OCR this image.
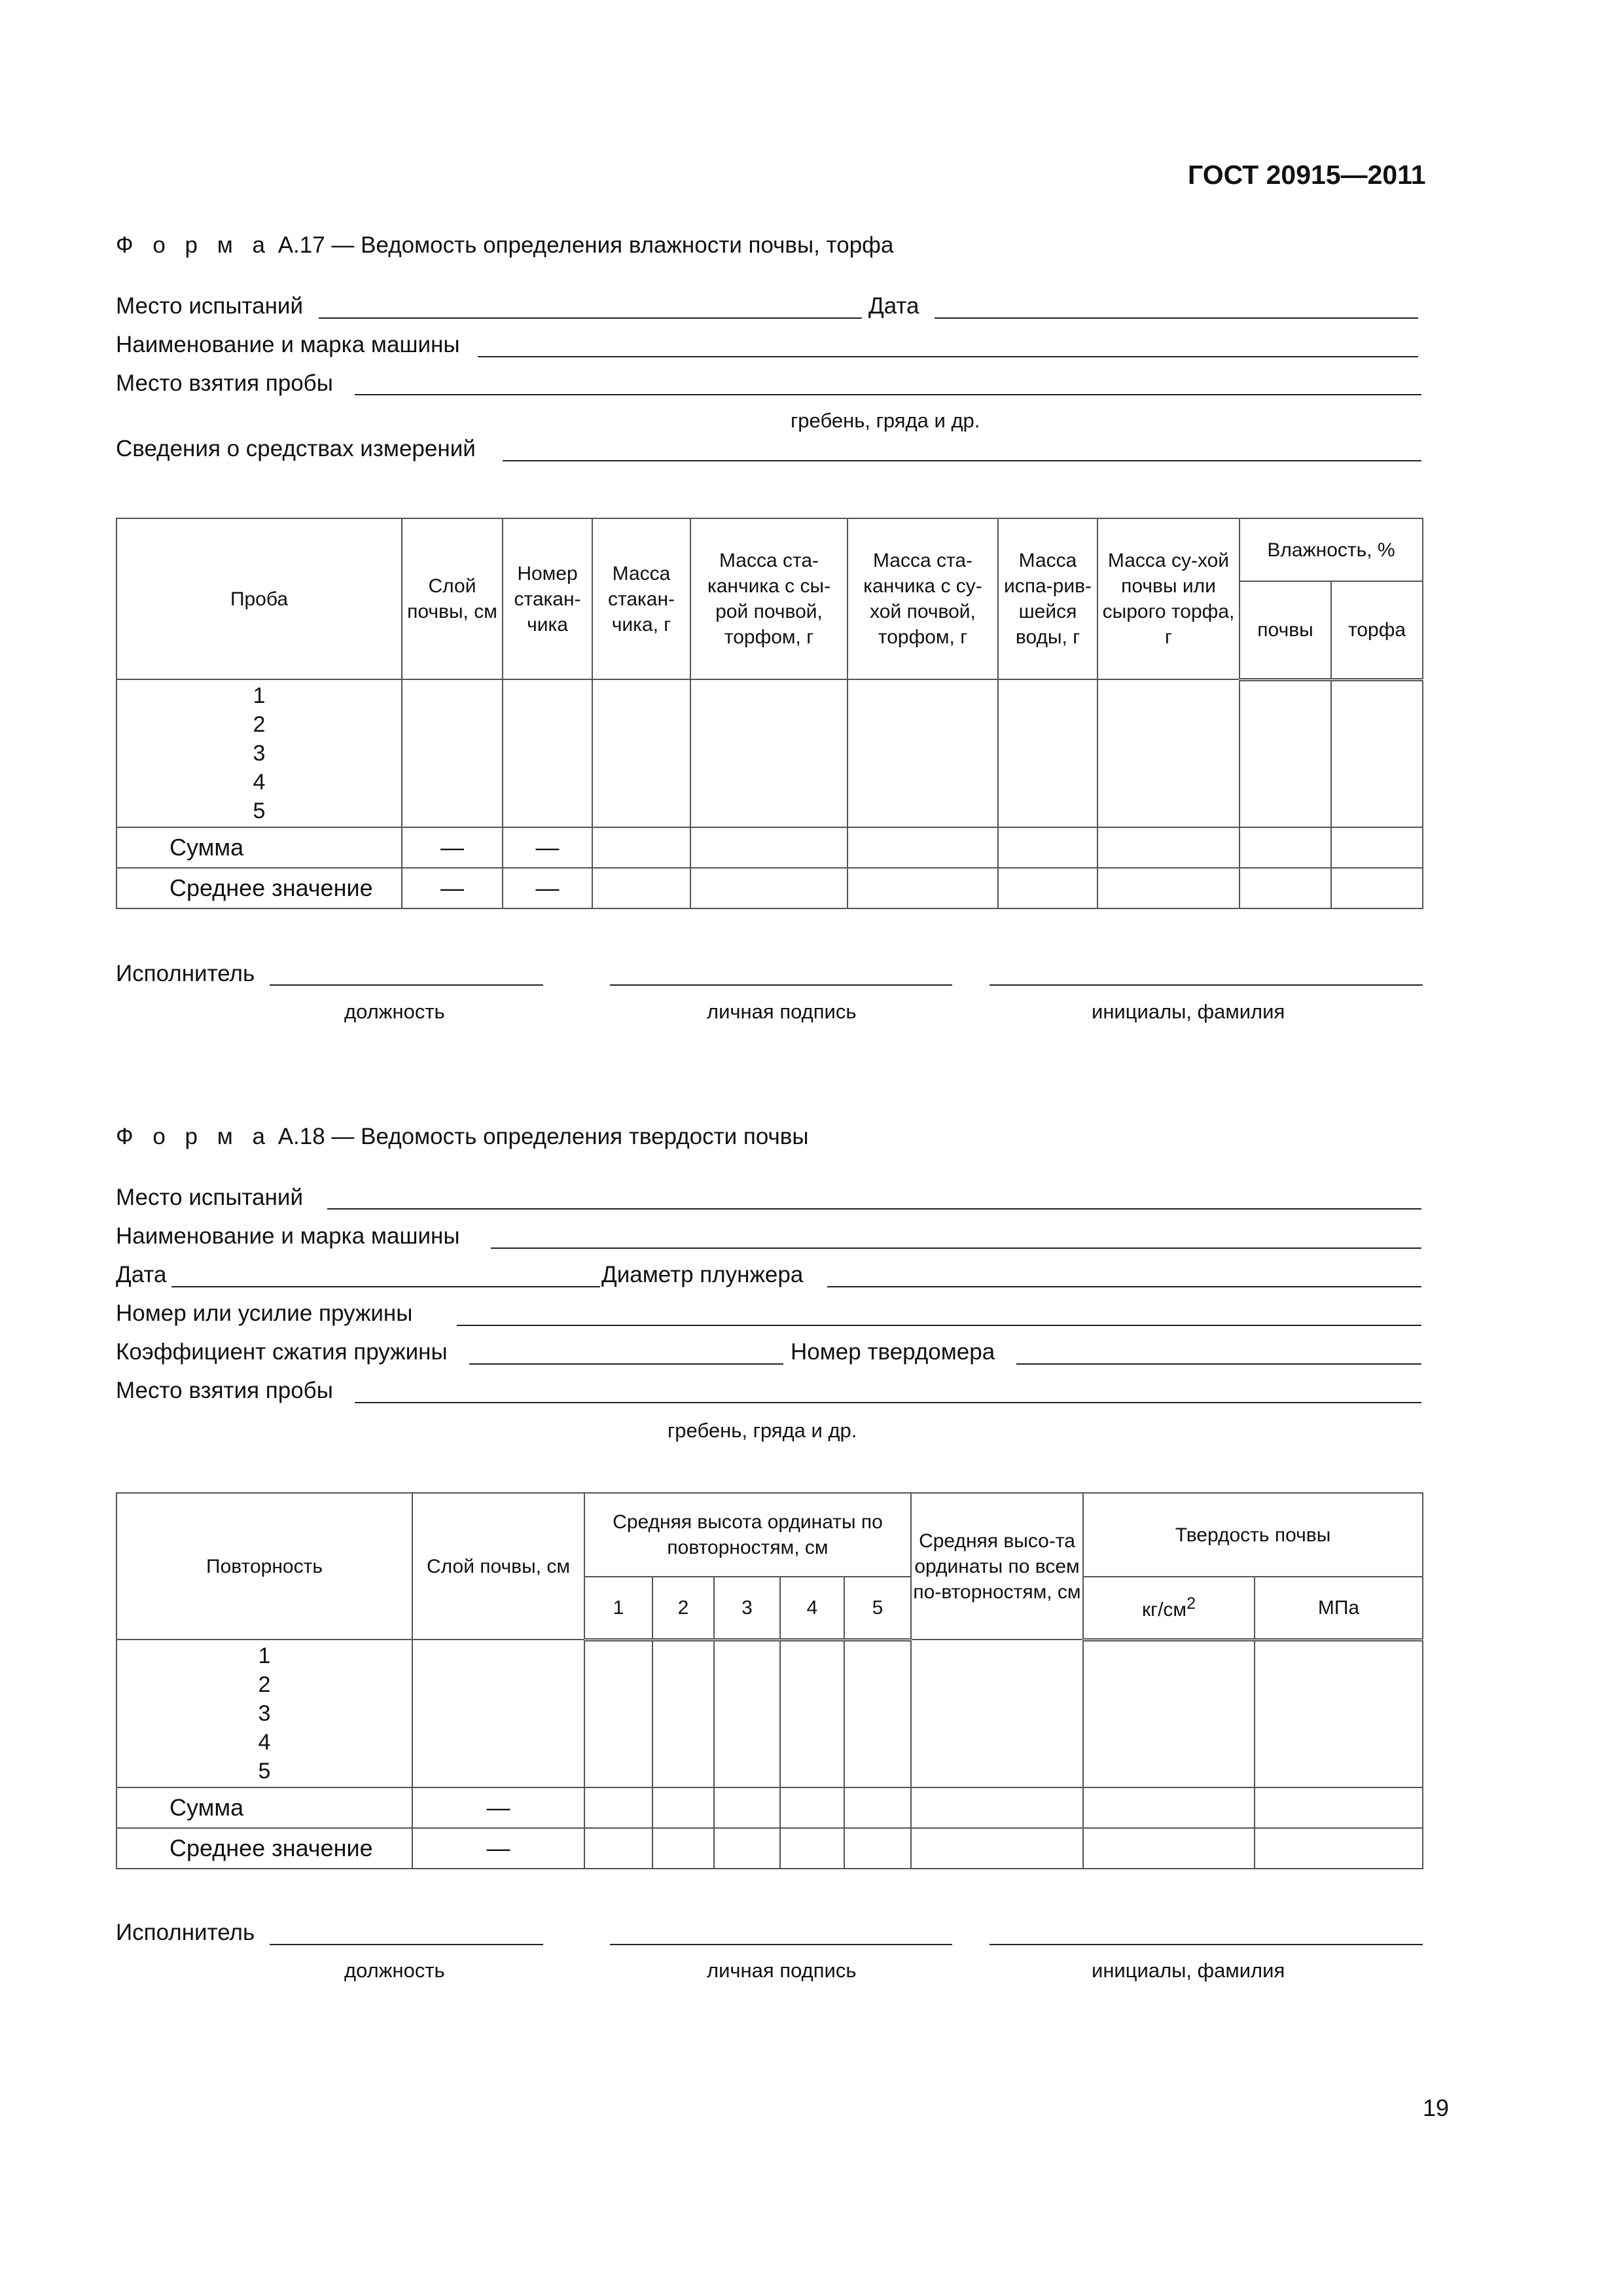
ГОСТ 20915—2011
Ф о р м а А.17 — Ведомость определения влажности почвы, торфа
Место испытаний	Дата
Наименование и марка машины
Место взятия пробы
гребень, гряда и др.
Сведения о средствах измерений
Проба	Слой почвы, см	Номер стакан-чика	Масса стакан-чика, г	Масса ста-канчика с сы-рой почвой, торфом, г	Масса ста-канчика с су-хой почвой, торфом, г	Масса испа-рив-шейся воды, г	Масса су-хой почвы или сырого торфа, г	Влажность, %	
								почвы	торфа

1
2
3
4
5									

Сумма	—	—							
Среднее значение	—	—							
Исполнитель
должность	личная подпись	инициалы, фамилия
Ф о р м а А.18 — Ведомость определения твердости почвы
Место испытаний
Наименование и марка машины
Дата	Диаметр плунжера
Номер или усилие пружины
Коэффициент сжатия пружины	Номер твердомера
Место взятия пробы
гребень, гряда и др.
Повторность	Слой почвы, см	Средняя высота ординаты по повторностям, см					Средняя высо-та ординаты по всем по-вторностям, см	Твердость почвы	
		1	2	3	4	5		$кг/см^2$	МПа

1
2
3
4
5									

Сумма	—								
Среднее значение	—								
Исполнитель
должность	личная подпись	инициалы, фамилия
19
